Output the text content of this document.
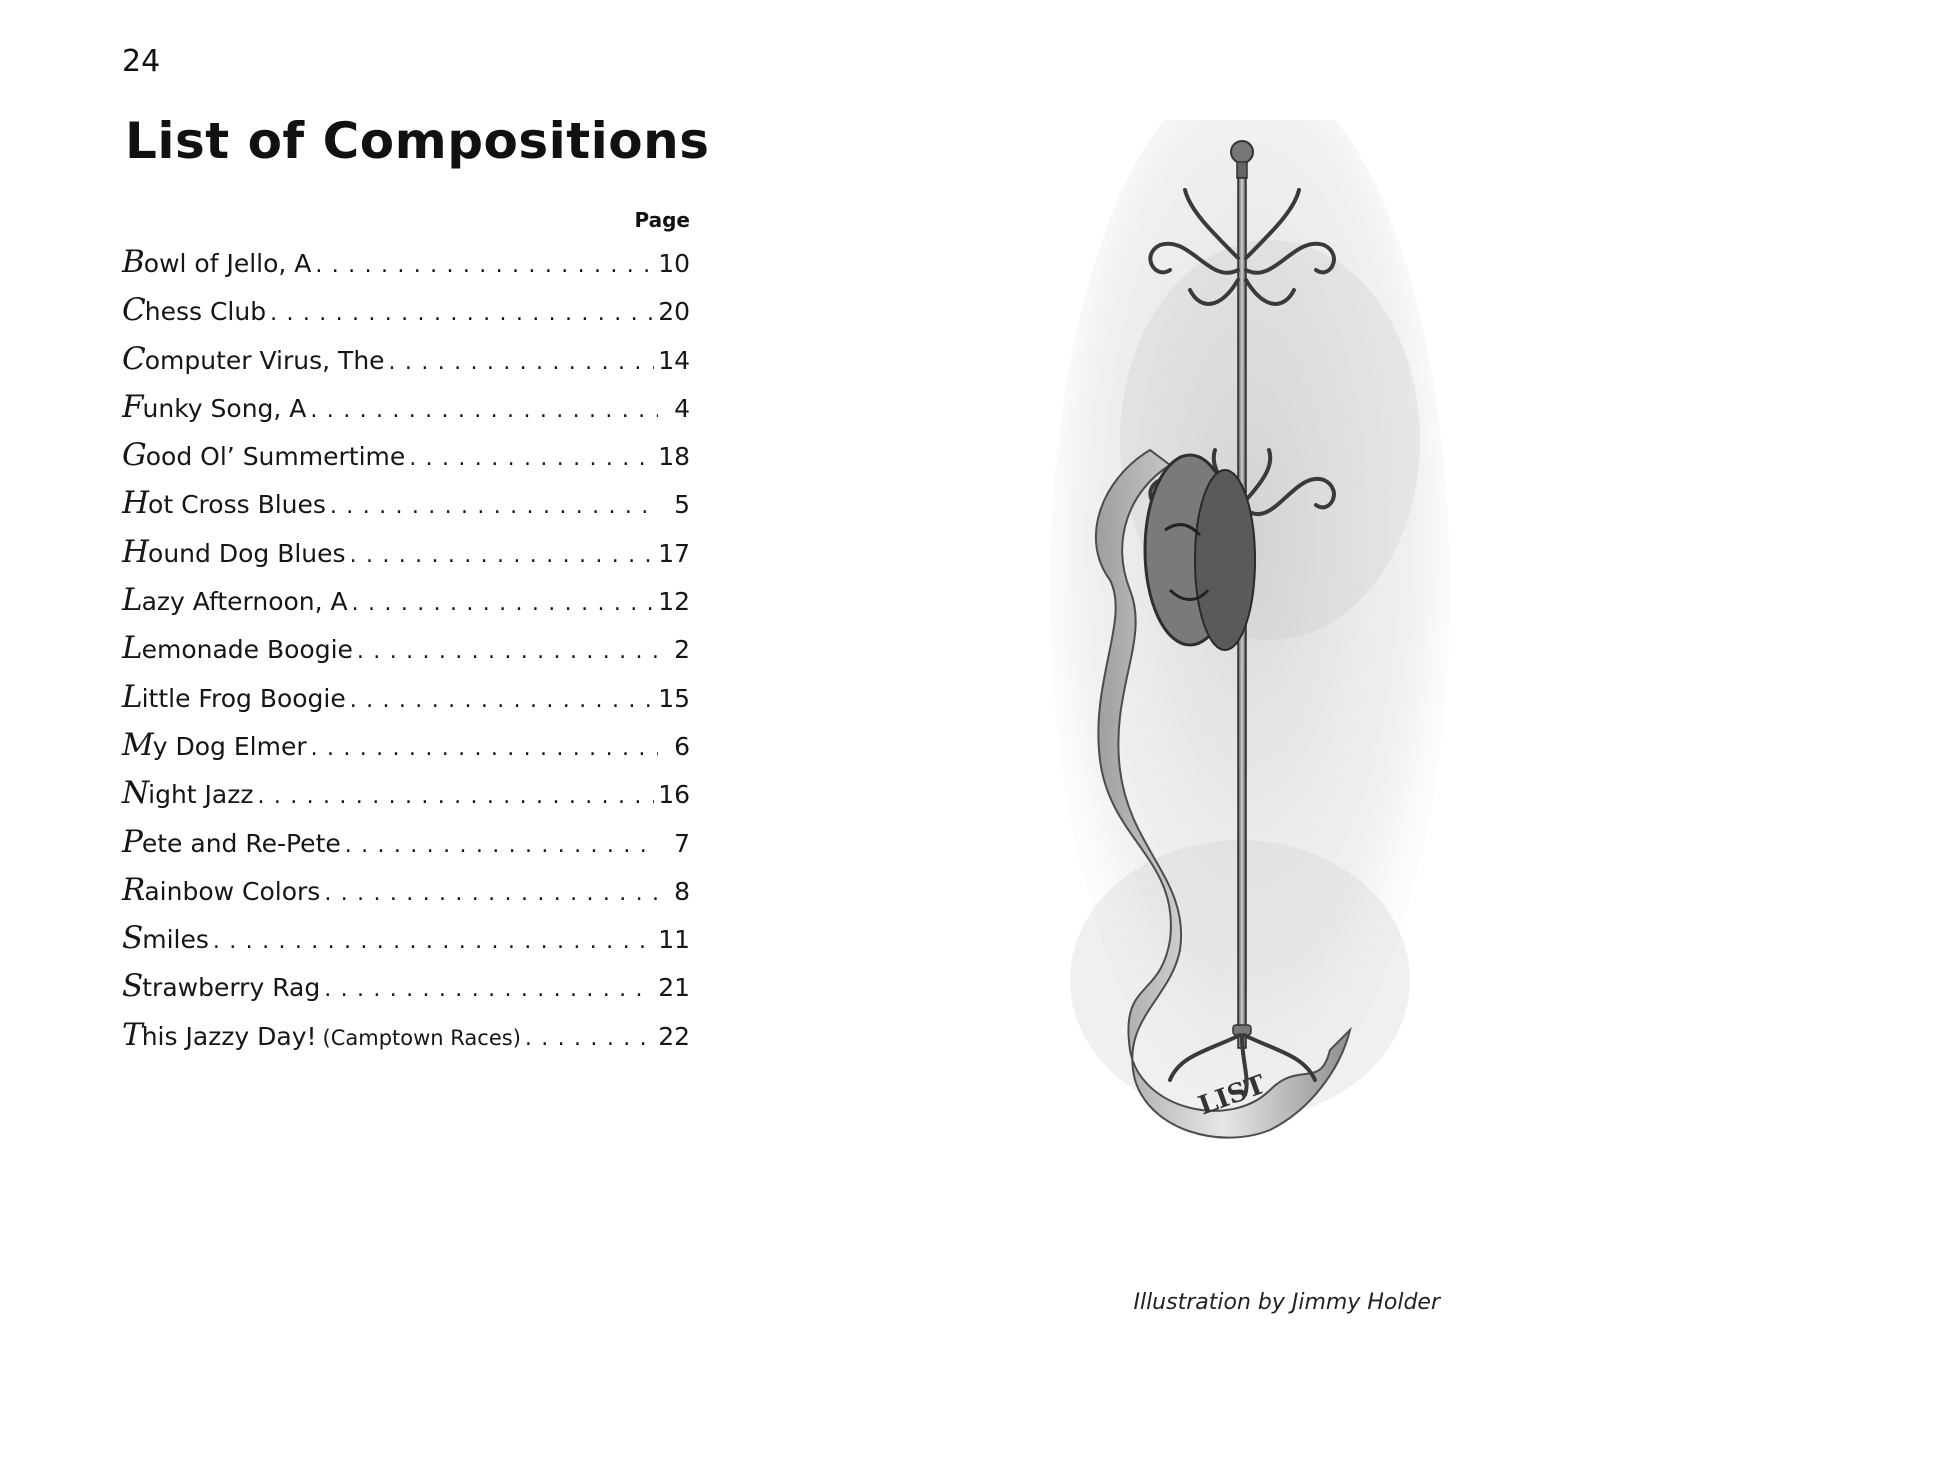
24
List of Compositions
Page
Bowl of Jello, A . . .	10
Chess Club . . .	20
Computer Virus, The . . .	14
Funky Song, A . . .	4
Good Ol’ Summertime . . .	18
Hot Cross Blues . . .	5
Hound Dog Blues . . .	17
Lazy Afternoon, A . . .	12
Lemonade Boogie . . .	2
Little Frog Boogie . . .	15
My Dog Elmer . . .	6
Night Jazz . . .	16
Pete and Re-Pete . . .	7
Rainbow Colors . . .	8
Smiles . . .	11
Strawberry Rag . . .	21
This Jazzy Day! (Camptown Races) . . .	22
LIST
Illustration by Jimmy Holder
